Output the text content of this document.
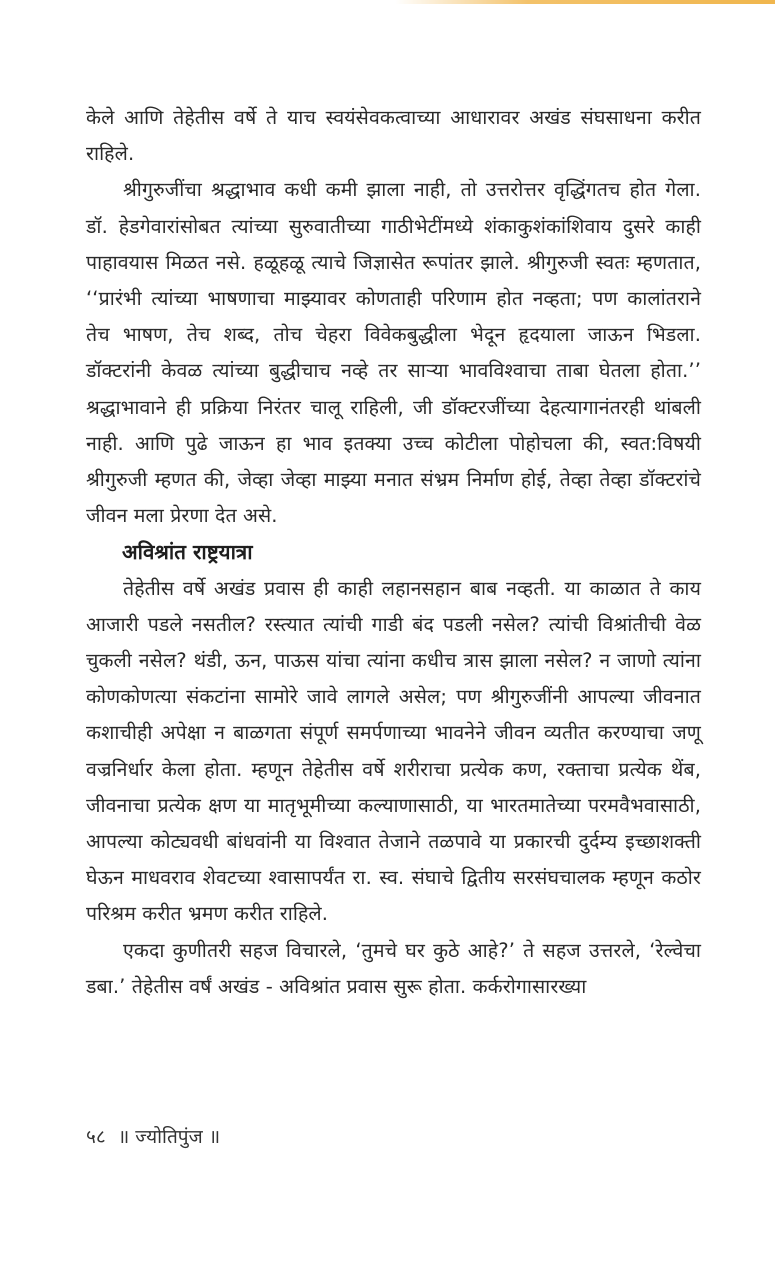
केले आणि तेहेतीस वर्षे ते याच स्वयंसेवकत्वाच्या आधारावर अखंड संघसाधना करीत राहिले.

श्रीगुरुजींचा श्रद्धाभाव कधी कमी झाला नाही, तो उत्तरोत्तर वृद्धिंगतच होत गेला. डॉ. हेडगेवारांसोबत त्यांच्या सुरुवातीच्या गाठीभेटींमध्ये शंकाकुशंकांशिवाय दुसरे काही पाहावयास मिळत नसे. हळूहळू त्याचे जिज्ञासेत रूपांतर झाले. श्रीगुरुजी स्वतः म्हणतात, ‘‘प्रारंभी त्यांच्या भाषणाचा माझ्यावर कोणताही परिणाम होत नव्हता; पण कालांतराने तेच भाषण, तेच शब्द, तोच चेहरा विवेकबुद्धीला भेदून हृदयाला जाऊन भिडला. डॉक्टरांनी केवळ त्यांच्या बुद्धीचाच नव्हे तर साऱ्या भावविश्वाचा ताबा घेतला होता.’’ श्रद्धाभावाने ही प्रक्रिया निरंतर चालू राहिली, जी डॉक्टरजींच्या देहत्यागानंतरही थांबली नाही. आणि पुढे जाऊन हा भाव इतक्या उच्च कोटीला पोहोचला की, स्वत:विषयी श्रीगुरुजी म्हणत की, जेव्हा जेव्हा माझ्या मनात संभ्रम निर्माण होई, तेव्हा तेव्हा डॉक्टरांचे जीवन मला प्रेरणा देत असे.

अविश्रांत राष्ट्रयात्रा

तेहेतीस वर्षे अखंड प्रवास ही काही लहानसहान बाब नव्हती. या काळात ते काय आजारी पडले नसतील? रस्त्यात त्यांची गाडी बंद पडली नसेल? त्यांची विश्रांतीची वेळ चुकली नसेल? थंडी, ऊन, पाऊस यांचा त्यांना कधीच त्रास झाला नसेल? न जाणो त्यांना कोणकोणत्या संकटांना सामोरे जावे लागले असेल; पण श्रीगुरुजींनी आपल्या जीवनात कशाचीही अपेक्षा न बाळगता संपूर्ण समर्पणाच्या भावनेने जीवन व्यतीत करण्याचा जणू वज्रनिर्धार केला होता. म्हणून तेहेतीस वर्षे शरीराचा प्रत्येक कण, रक्ताचा प्रत्येक थेंब, जीवनाचा प्रत्येक क्षण या मातृभूमीच्या कल्याणासाठी, या भारतमातेच्या परमवैभवासाठी, आपल्या कोट्यवधी बांधवांनी या विश्वात तेजाने तळपावे या प्रकारची दुर्दम्य इच्छाशक्ती घेऊन माधवराव शेवटच्या श्वासापर्यंत रा. स्व. संघाचे द्वितीय सरसंघचालक म्हणून कठोर परिश्रम करीत भ्रमण करीत राहिले.

एकदा कुणीतरी सहज विचारले, ‘तुमचे घर कुठे आहे?’ ते सहज उत्तरले, ‘रेल्वेचा डबा.’ तेहेतीस वर्षं अखंड - अविश्रांत प्रवास सुरू होता. कर्करोगासारख्या

५८ ॥ ज्योतिपुंज ॥
